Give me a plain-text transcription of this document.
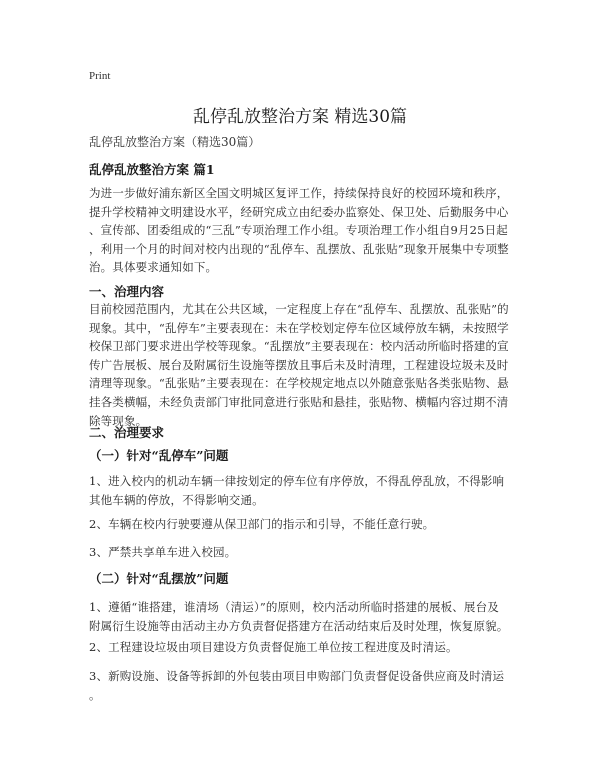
Print
乱停乱放整治方案 精选30篇
乱停乱放整治方案（精选30篇）
乱停乱放整治方案 篇1
为进一步做好浦东新区全国文明城区复评工作，持续保持良好的校园环境和秩序，
提升学校精神文明建设水平，经研究成立由纪委办监察处、保卫处、后勤服务中心
、宣传部、团委组成的“三乱”专项治理工作小组。专项治理工作小组自9月25日起
，利用一个月的时间对校内出现的“乱停车、乱摆放、乱张贴”现象开展集中专项整
治。具体要求通知如下。
一、治理内容
目前校园范围内，尤其在公共区域，一定程度上存在“乱停车、乱摆放、乱张贴”的
现象。其中，“乱停车”主要表现在：未在学校划定停车位区域停放车辆，未按照学
校保卫部门要求进出学校等现象。“乱摆放”主要表现在：校内活动所临时搭建的宣
传广告展板、展台及附属衍生设施等摆放且事后未及时清理，工程建设垃圾未及时
清理等现象。“乱张贴”主要表现在：在学校规定地点以外随意张贴各类张贴物、悬
挂各类横幅，未经负责部门审批同意进行张贴和悬挂，张贴物、横幅内容过期不清
除等现象。
二、治理要求
（一）针对“乱停车”问题
1、进入校内的机动车辆一律按划定的停车位有序停放，不得乱停乱放，不得影响
其他车辆的停放，不得影响交通。
2、车辆在校内行驶要遵从保卫部门的指示和引导，不能任意行驶。
3、严禁共享单车进入校园。
（二）针对“乱摆放”问题
1、遵循“谁搭建，谁清场（清运）”的原则，校内活动所临时搭建的展板、展台及
附属衍生设施等由活动主办方负责督促搭建方在活动结束后及时处理，恢复原貌。
2、工程建设垃圾由项目建设方负责督促施工单位按工程进度及时清运。
3、新购设施、设备等拆卸的外包装由项目申购部门负责督促设备供应商及时清运
。
